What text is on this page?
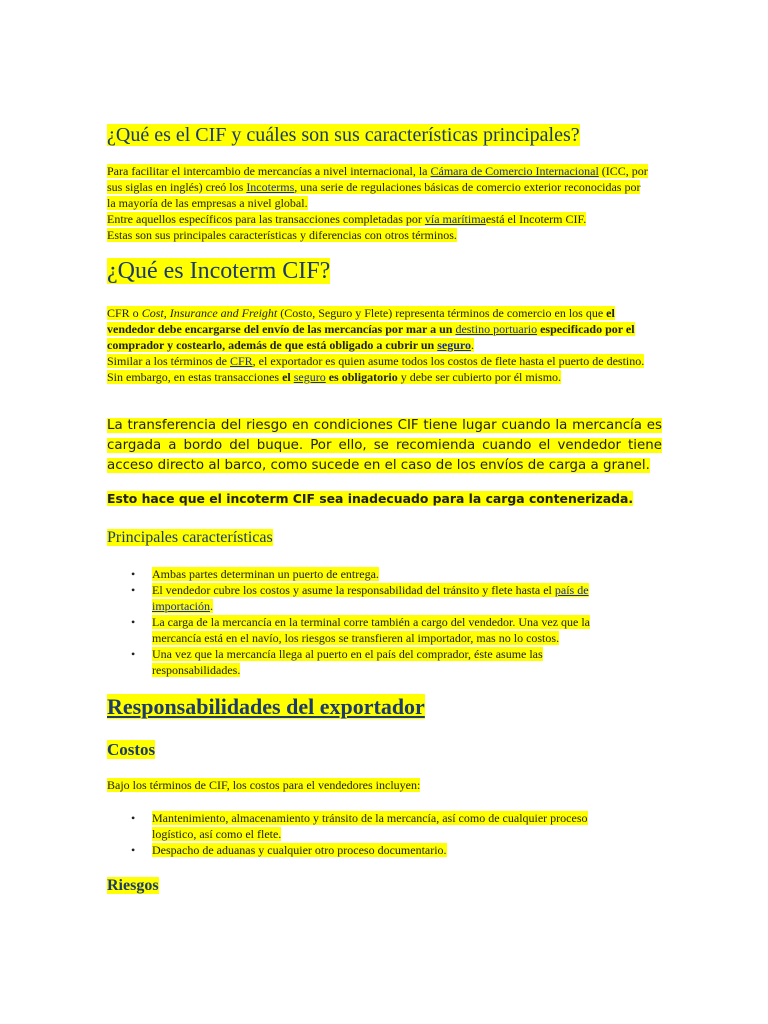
¿Qué es el CIF y cuáles son sus características principales?
Para facilitar el intercambio de mercancías a nivel internacional, la Cámara de Comercio Internacional (ICC, por sus siglas en inglés) creó los Incoterms, una serie de regulaciones básicas de comercio exterior reconocidas por la mayoría de las empresas a nivel global.
Entre aquellos específicos para las transacciones completadas por vía marítimaestá el Incoterm CIF.
Estas son sus principales características y diferencias con otros términos.
¿Qué es Incoterm CIF?
CFR o Cost, Insurance and Freight (Costo, Seguro y Flete) representa términos de comercio en los que el vendedor debe encargarse del envío de las mercancías por mar a un destino portuario especificado por el comprador y costearlo, además de que está obligado a cubrir un seguro.
Similar a los términos de CFR, el exportador es quien asume todos los costos de flete hasta el puerto de destino.
Sin embargo, en estas transacciones el seguro es obligatorio y debe ser cubierto por él mismo.
La transferencia del riesgo en condiciones CIF tiene lugar cuando la mercancía es cargada a bordo del buque. Por ello, se recomienda cuando el vendedor tiene acceso directo al barco, como sucede en el caso de los envíos de carga a granel.
Esto hace que el incoterm CIF sea inadecuado para la carga contenerizada.
Principales características
• Ambas partes determinan un puerto de entrega.
• El vendedor cubre los costos y asume la responsabilidad del tránsito y flete hasta el país de importación.
• La carga de la mercancía en la terminal corre también a cargo del vendedor. Una vez que la mercancía está en el navío, los riesgos se transfieren al importador, mas no lo costos.
• Una vez que la mercancía llega al puerto en el país del comprador, éste asume las responsabilidades.
Responsabilidades del exportador
Costos
Bajo los términos de CIF, los costos para el vendedores incluyen:
• Mantenimiento, almacenamiento y tránsito de la mercancía, así como de cualquier proceso logístico, así como el flete.
• Despacho de aduanas y cualquier otro proceso documentario.
Riesgos
